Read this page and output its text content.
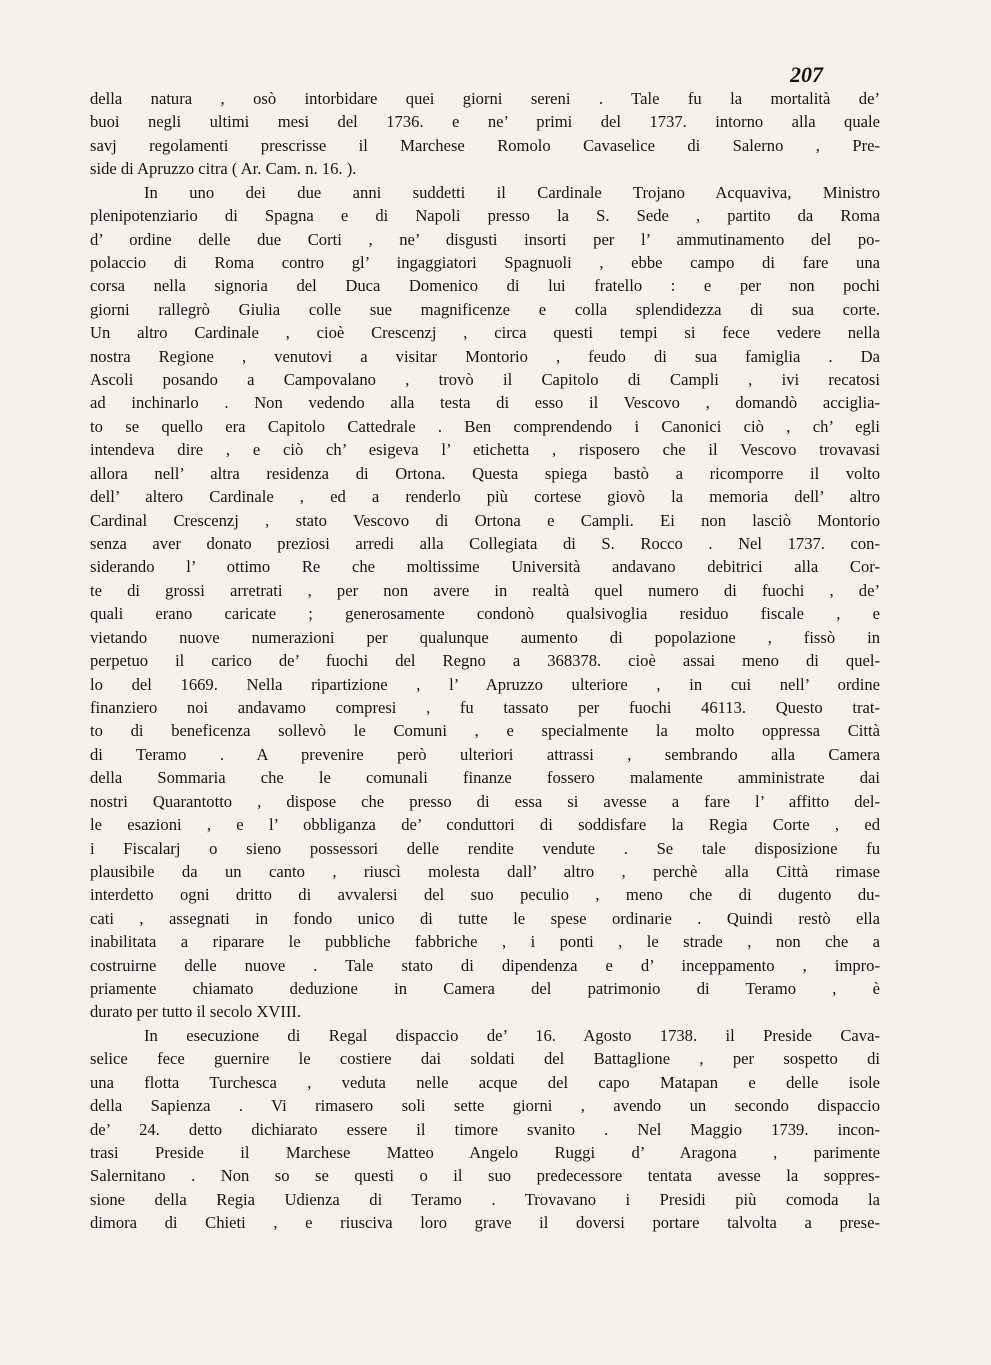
207
della natura , osò intorbidare quei giorni sereni . Tale fu la mortalità de’
buoi negli ultimi mesi del 1736. e ne’ primi del 1737. intorno alla quale
savj regolamenti prescrisse il Marchese Romolo Cavaselice di Salerno , Pre-
side di Apruzzo citra ( Ar. Cam. n. 16. ).
In uno dei due anni suddetti il Cardinale Trojano Acquaviva, Ministro
plenipotenziario di Spagna e di Napoli presso la S. Sede , partito da Roma
d’ ordine delle due Corti , ne’ disgusti insorti per l’ ammutinamento del po-
polaccio di Roma contro gl’ ingaggiatori Spagnuoli , ebbe campo di fare una
corsa nella signoria del Duca Domenico di lui fratello : e per non pochi
giorni rallegrò Giulia colle sue magnificenze e colla splendidezza di sua corte.
Un altro Cardinale , cioè Crescenzj , circa questi tempi si fece vedere nella
nostra Regione , venutovi a visitar Montorio , feudo di sua famiglia . Da
Ascoli posando a Campovalano , trovò il Capitolo di Campli , ivi recatosi
ad inchinarlo . Non vedendo alla testa di esso il Vescovo , domandò accigliа-
to se quello era Capitolo Cattedrale . Ben comprendendo i Canonici ciò , ch’ egli
intendeva dire , e ciò ch’ esigeva l’ etichetta , risposero che il Vescovo trovavasi
allora nell’ altra residenza di Ortona. Questa spiega bastò a ricomporre il volto
dell’ altero Cardinale , ed a renderlo più cortese giovò la memoria dell’ altro
Cardinal Crescenzj , stato Vescovo di Ortona e Campli. Ei non lasciò Montorio
senza aver donato preziosi arredi alla Collegiata di S. Rocco . Nel 1737. con-
siderando l’ ottimo Re che moltissime Università andavano debitrici alla Cor-
te di grossi arretrati , per non avere in realtà quel numero di fuochi , de’
quali erano caricate ; generosamente condonò qualsivoglia residuo fiscale , e
vietando nuove numerazioni per qualunque aumento di popolazione , fissò in
perpetuo il carico de’ fuochi del Regno a 368378. cioè assai meno di quel-
lo del 1669. Nella ripartizione , l’ Apruzzo ulteriore , in cui nell’ ordine
finanziero noi andavamo compresi , fu tassato per fuochi 46113. Questo trat-
to di beneficenza sollevò le Comuni , e specialmente la molto oppressa Città
di Teramo . A prevenire però ulteriori attrassi , sembrando alla Camera
della Sommaria che le comunali finanze fossero malamente amministrate dai
nostri Quarantotto , dispose che presso di essa si avesse a fare l’ affitto del-
le esazioni , e l’ obbliganza de’ conduttori di soddisfare la Regia Corte , ed
i Fiscalarj o sieno possessori delle rendite vendute . Se tale disposizione fu
plausibile da un canto , riuscì molesta dall’ altro , perchè alla Città rimase
interdetto ogni dritto di avvalersi del suo peculio , meno che di dugento du-
cati , assegnati in fondo unico di tutte le spese ordinarie . Quindi restò ella
inabilitata a riparare le pubbliche fabbriche , i ponti , le strade , non che a
costruirne delle nuove . Tale stato di dipendenza e d’ inceppamento , impro-
priamente chiamato deduzione in Camera del patrimonio di Teramo , è
durato per tutto il secolo XVIII.
In esecuzione di Regal dispaccio de’ 16. Agosto 1738. il Preside Cava-
selice fece guernire le costiere dai soldati del Battaglione , per sospetto di
una flotta Turchesca , veduta nelle acque del capo Matapan e delle isole
della Sapienza . Vi rimasero soli sette giorni , avendo un secondo dispaccio
de’ 24. detto dichiarato essere il timore svanito . Nel Maggio 1739. incon-
trasi Preside il Marchese Matteo Angelo Ruggi d’ Aragona , parimente
Salernitano . Non so se questi o il suo predecessore tentata avesse la soppres-
sione della Regia Udienza di Teramo . Trovavano i Presidi più comoda la
dimora di Chieti , e riusciva loro grave il doversi portare talvolta a prese-
